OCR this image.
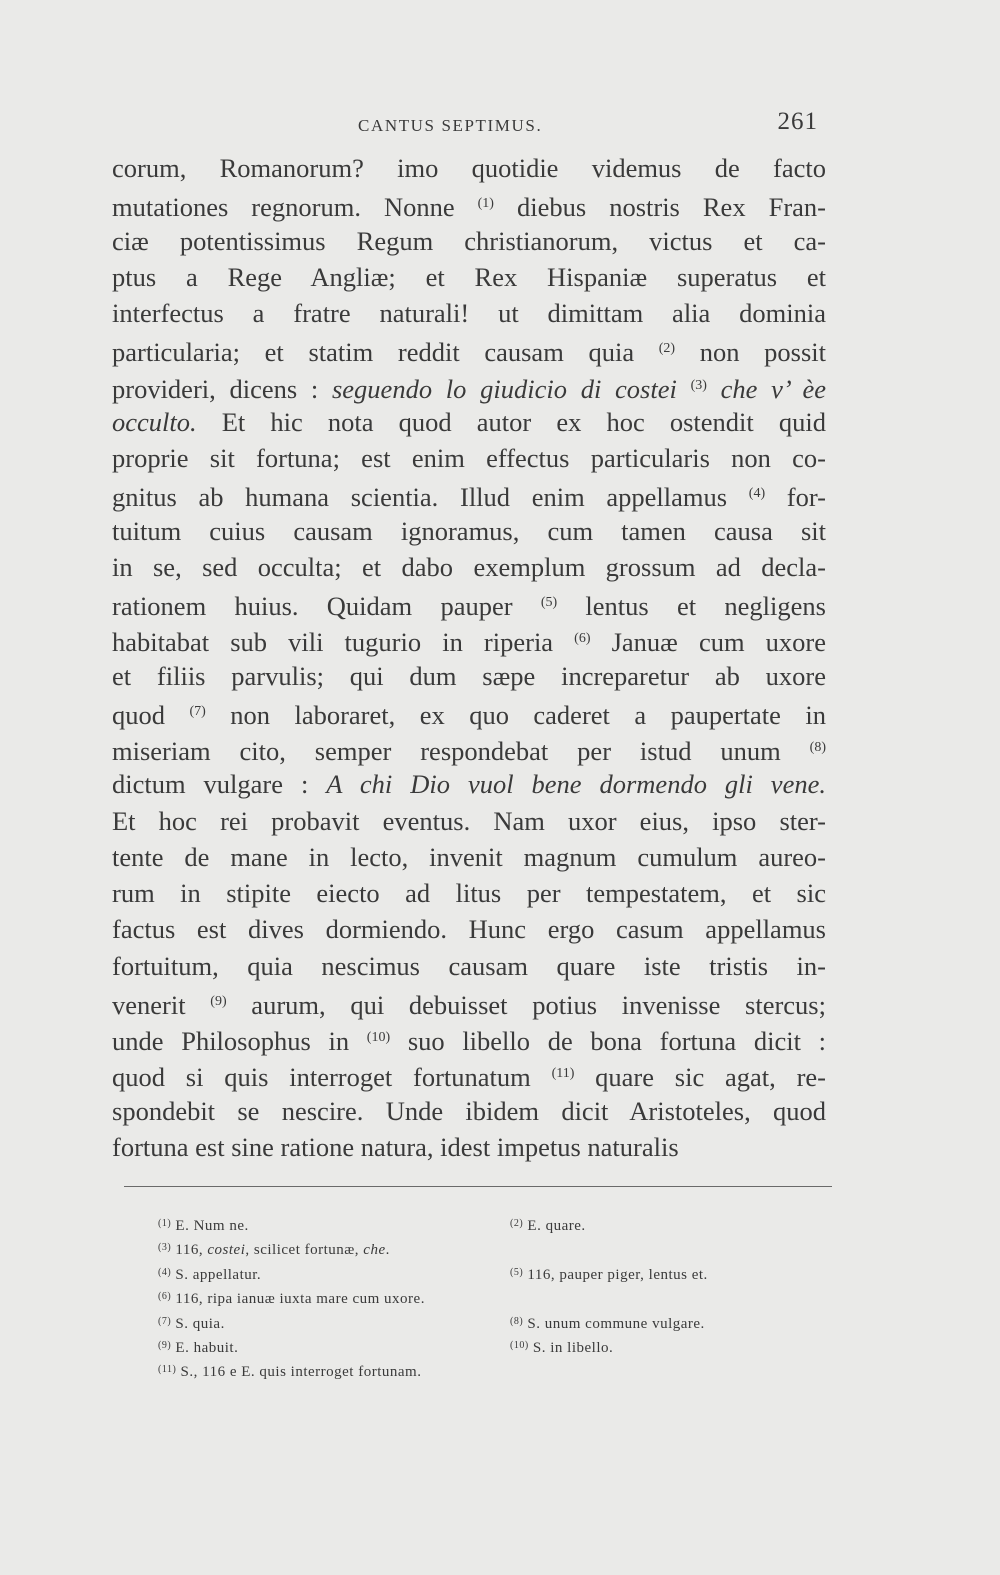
CANTUS SEPTIMUS.	261
corum, Romanorum? imo quotidie videmus de facto
mutationes regnorum. Nonne $^{(1)}$ diebus nostris Rex Fran-
ciæ potentissimus Regum christianorum, victus et ca-
ptus a Rege Angliæ; et Rex Hispaniæ superatus et
interfectus a fratre naturali! ut dimittam alia dominia
particularia; et statim reddit causam quia $^{(2)}$ non possit
provideri, dicens : seguendo lo giudicio di costei $^{(3)}$ che v’ èe
occulto. Et hic nota quod autor ex hoc ostendit quid
proprie sit fortuna; est enim effectus particularis non co-
gnitus ab humana scientia. Illud enim appellamus $^{(4)}$ for-
tuitum cuius causam ignoramus, cum tamen causa sit
in se, sed occulta; et dabo exemplum grossum ad decla-
rationem huius. Quidam pauper $^{(5)}$ lentus et negligens
habitabat sub vili tugurio in riperia $^{(6)}$ Januæ cum uxore
et filiis parvulis; qui dum sæpe increparetur ab uxore
quod $^{(7)}$ non laboraret, ex quo caderet a paupertate in
miseriam cito, semper respondebat per istud unum $^{(8)}$
dictum vulgare : A chi Dio vuol bene dormendo gli vene.
Et hoc rei probavit eventus. Nam uxor eius, ipso ster-
tente de mane in lecto, invenit magnum cumulum aureo-
rum in stipite eiecto ad litus per tempestatem, et sic
factus est dives dormiendo. Hunc ergo casum appellamus
fortuitum, quia nescimus causam quare iste tristis in-
venerit $^{(9)}$ aurum, qui debuisset potius invenisse stercus;
unde Philosophus in $^{(10)}$ suo libello de bona fortuna dicit :
quod si quis interroget fortunatum $^{(11)}$ quare sic agat, re-
spondebit se nescire. Unde ibidem dicit Aristoteles, quod
fortuna est sine ratione natura, idest impetus naturalis
$^{(1)}$ E. Num ne.	$^{(2)}$ E. quare.
$^{(3)}$ 116, costei, scilicet fortunæ, che.
$^{(4)}$ S. appellatur.	$^{(5)}$ 116, pauper piger, lentus et.
$^{(6)}$ 116, ripa ianuæ iuxta mare cum uxore.
$^{(7)}$ S. quia.	$^{(8)}$ S. unum commune vulgare.
$^{(9)}$ E. habuit.	$^{(10)}$ S. in libello.
$^{(11)}$ S., 116 e E. quis interroget fortunam.
